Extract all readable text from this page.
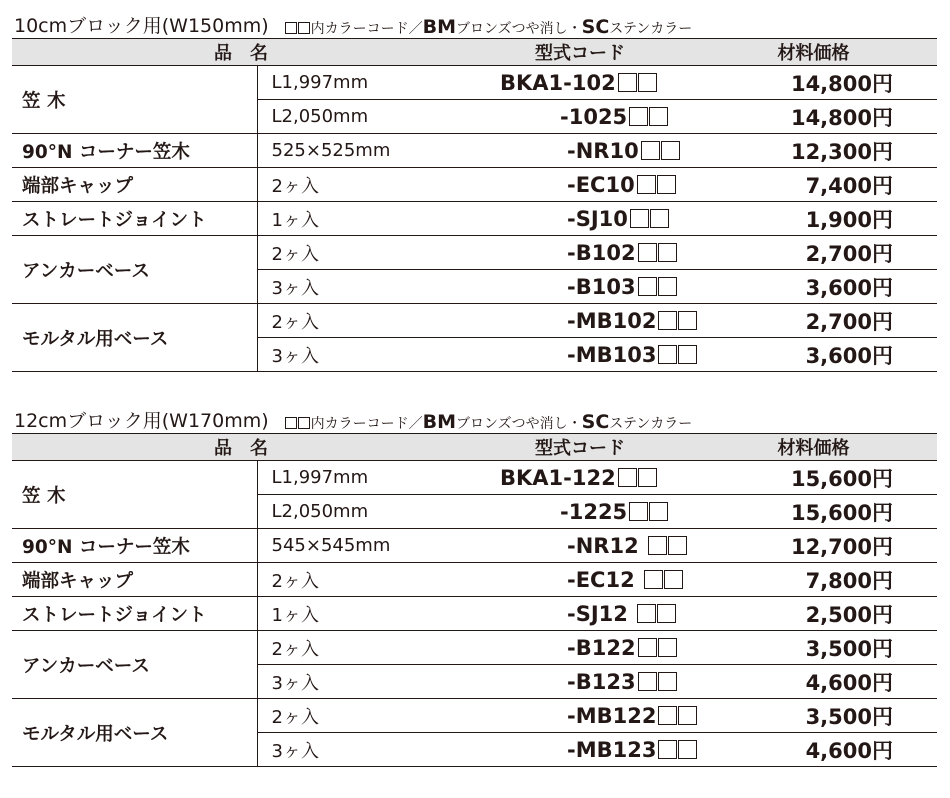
10cmブロック用(W150mm)	内カラーコード／BMブロンズつや消し・SCステンカラー
品　名		型式コード	材料価格
笠 木	L1,997mm	BKA1-102	14,800円
	L2,050mm	-1025	14,800円
90°N コーナー笠木	525×525mm	-NR10	12,300円
端部キャップ	2ヶ入	-EC10	7,400円
ストレートジョイント	1ヶ入	-SJ10	1,900円
アンカーベース	2ヶ入	-B102	2,700円
	3ヶ入	-B103	3,600円
モルタル用ベース	2ヶ入	-MB102	2,700円
	3ヶ入	-MB103	3,600円
12cmブロック用(W170mm)	内カラーコード／BMブロンズつや消し・SCステンカラー
品　名		型式コード	材料価格
笠 木	L1,997mm	BKA1-122	15,600円
	L2,050mm	-1225	15,600円
90°N コーナー笠木	545×545mm	-NR12	12,700円
端部キャップ	2ヶ入	-EC12	7,800円
ストレートジョイント	1ヶ入	-SJ12	2,500円
アンカーベース	2ヶ入	-B122	3,500円
	3ヶ入	-B123	4,600円
モルタル用ベース	2ヶ入	-MB122	3,500円
	3ヶ入	-MB123	4,600円
